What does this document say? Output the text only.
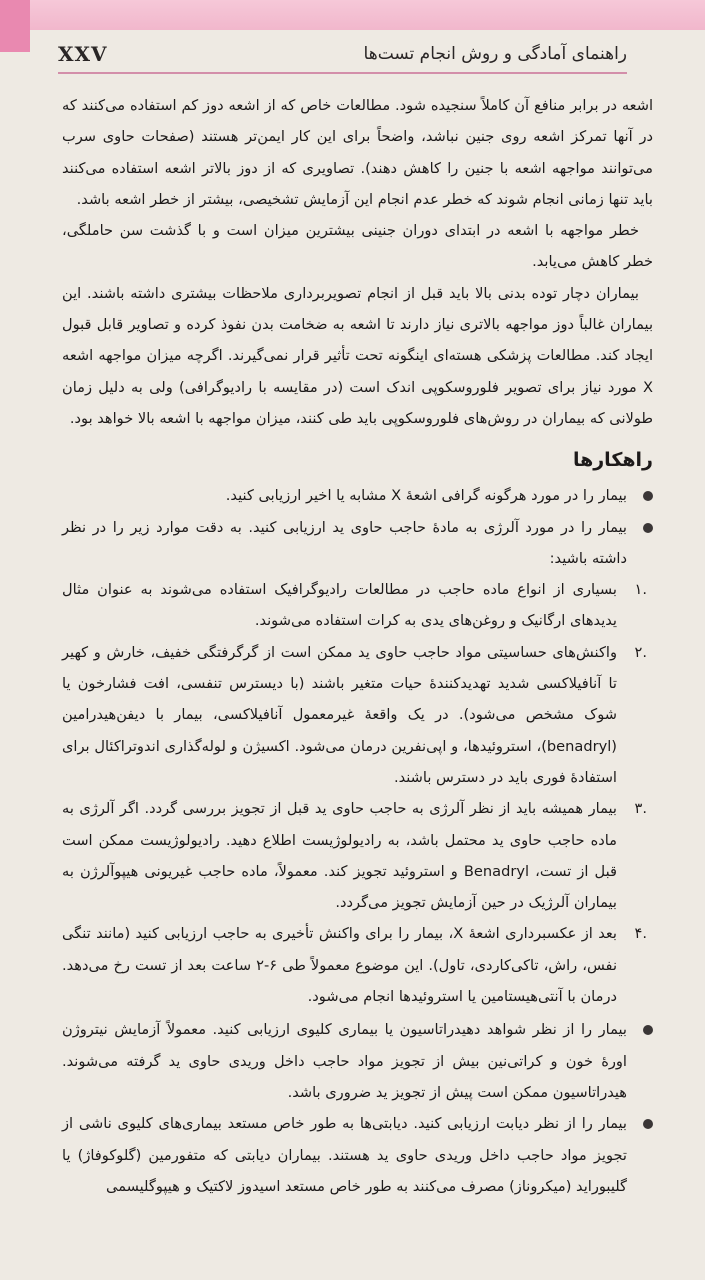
XXV	راهنمای آمادگی و روش انجام تست‌ها

اشعه در برابر منافع آن کاملاً سنجیده شود. مطالعات خاص که از اشعه دوز کم استفاده می‌کنند که در آنها تمرکز اشعه روی جنین نباشد، واضحاً برای این کار ایمن‌تر هستند (صفحات حاوی سرب می‌توانند مواجهه اشعه با جنین را کاهش دهند). تصاویری که از دوز بالاتر اشعه استفاده می‌کنند باید تنها زمانی انجام شوند که خطر عدم انجام این آزمایش تشخیصی، بیشتر از خطر اشعه باشد.

خطر مواجهه با اشعه در ابتدای دوران جنینی بیشترین میزان است و با گذشت سن حاملگی، خطر کاهش می‌یابد.

بیماران دچار توده بدنی بالا باید قبل از انجام تصویربرداری ملاحظات بیشتری داشته باشند. این بیماران غالباً دوز مواجهه بالاتری نیاز دارند تا اشعه به ضخامت بدن نفوذ کرده و تصاویر قابل قبول ایجاد کند. مطالعات پزشکی هسته‌ای اینگونه تحت تأثیر قرار نمی‌گیرند. اگرچه میزان مواجهه اشعه X مورد نیاز برای تصویر فلوروسکوپی اندک است (در مقایسه با رادیوگرافی) ولی به دلیل زمان طولانی که بیماران در روش‌های فلوروسکوپی باید طی کنند، میزان مواجهه با اشعه بالا خواهد بود.

راهکارها

بیمار را در مورد هرگونه گرافی اشعهٔ X مشابه یا اخیر ارزیابی کنید.

بیمار را در مورد آلرژی به مادهٔ حاجب حاوی ید ارزیابی کنید. به دقت موارد زیر را در نظر داشته باشید:

.۱
بسیاری از انواع ماده حاجب در مطالعات رادیوگرافیک استفاده می‌شوند به عنوان مثال یدیدهای ارگانیک و روغن‌های یدی به کرات استفاده می‌شوند.

.۲
واکنش‌های حساسیتی مواد حاجب حاوی ید ممکن است از گرگرفتگی خفیف، خارش و کهیر تا آنافیلاکسی شدید تهدیدکنندهٔ حیات متغیر باشند (با دیسترس تنفسی، افت فشارخون یا شوک مشخص می‌شود). در یک واقعهٔ غیرمعمول آنافیلاکسی، بیمار با دیفن‌هیدرامین (benadryl)، استروئیدها، و اپی‌نفرین درمان می‌شود. اکسیژن و لوله‌گذاری اندوتراکئال برای استفادهٔ فوری باید در دسترس باشند.

.۳
بیمار همیشه باید از نظر آلرژی به حاجب حاوی ید قبل از تجویز بررسی گردد. اگر آلرژی به ماده حاجب حاوی ید محتمل باشد، به رادیولوژیست اطلاع دهید. رادیولوژیست ممکن است قبل از تست، Benadryl و استروئید تجویز کند. معمولاً، ماده حاجب غیریونی هیپوآلرژن به بیماران آلرژیک در حین آزمایش تجویز می‌گردد.

.۴
بعد از عکسبرداری اشعهٔ X، بیمار را برای واکنش تأخیری به حاجب ارزیابی کنید (مانند تنگی نفس، راش، تاکی‌کاردی، تاول). این موضوع معمولاً طی ۶-۲ ساعت بعد از تست رخ می‌دهد. درمان با آنتی‌هیستامین یا استروئیدها انجام می‌شود.

بیمار را از نظر شواهد دهیدراتاسیون یا بیماری کلیوی ارزیابی کنید. معمولاً آزمایش نیتروژن اورهٔ خون و کراتی‌نین بیش از تجویز مواد حاجب داخل وریدی حاوی ید گرفته می‌شوند. هیدراتاسیون ممکن است پیش از تجویز ید ضروری باشد.

بیمار را از نظر دیابت ارزیابی کنید. دیابتی‌ها به طور خاص مستعد بیماری‌های کلیوی ناشی از تجویز مواد حاجب داخل وریدی حاوی ید هستند. بیماران دیابتی که متفورمین (گلوکوفاژ) یا گلیبوراید (میکروناز) مصرف می‌کنند به طور خاص مستعد اسیدوز لاکتیک و هیپوگلیسمی
